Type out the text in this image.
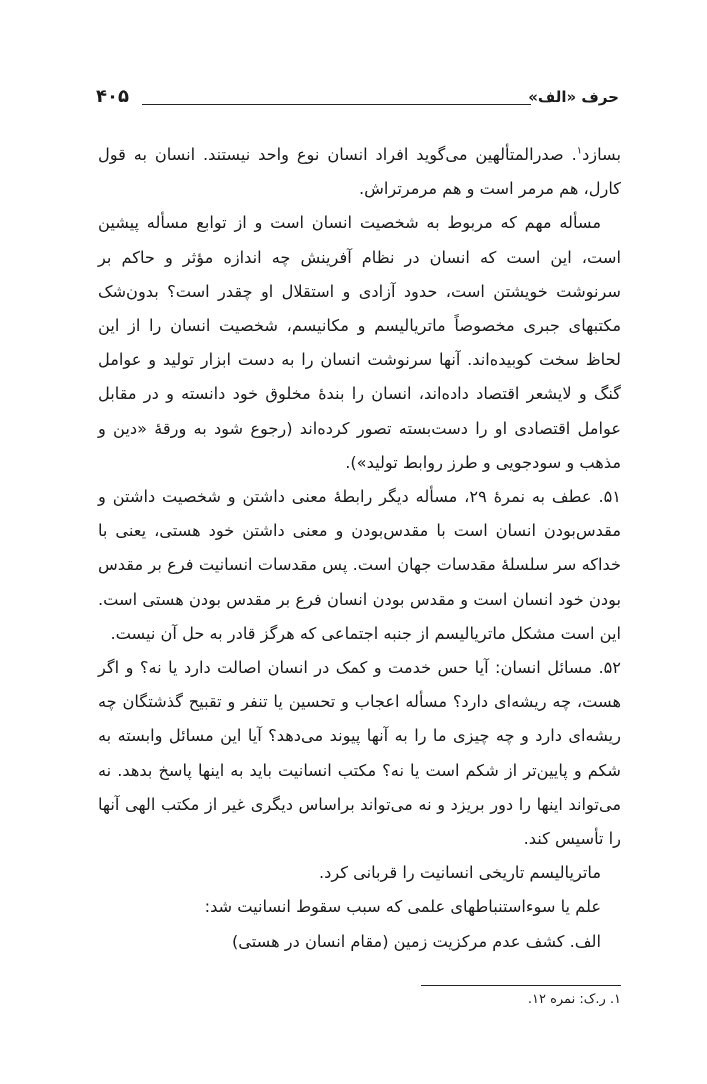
حرف «الف»
۴۰۵

بسازد$^۱$. صدرالمتألهین می‌گوید افراد انسان نوع واحد نیستند. انسان به قول کارل، هم مرمر است و هم مرمرتراش.

مسأله مهم که مربوط به شخصیت انسان است و از توابع مسأله پیشین است، این است که انسان در نظام آفرینش چه اندازه مؤثر و حاکم بر سرنوشت خویشتن است، حدود آزادی و استقلال او چقدر است؟ بدون‌شک مکتبهای جبری مخصوصاً ماتریالیسم و مکانیسم، شخصیت انسان را از این لحاظ سخت کوبیده‌اند. آنها سرنوشت انسان را به دست ابزار تولید و عوامل گنگ و لایشعر اقتصاد داده‌اند، انسان را بندهٔ مخلوق خود دانسته و در مقابل عوامل اقتصادی او را دست‌بسته تصور کرده‌اند (رجوع شود به ورقهٔ «دین و مذهب و سودجویی و طرز روابط تولید»).

۵۱. عطف به نمرهٔ ۲۹، مسأله دیگر رابطهٔ معنی داشتن و شخصیت داشتن و مقدس‌بودن انسان است با مقدس‌بودن و معنی داشتن خود هستی، یعنی با خداکه سر سلسلهٔ مقدسات جهان است. پس مقدسات انسانیت فرع بر مقدس بودن خود انسان است و مقدس بودن انسان فرع بر مقدس بودن هستی است. این است مشکل ماتریالیسم از جنبه اجتماعی که هرگز قادر به حل آن نیست.

۵۲. مسائل انسان: آیا حس خدمت و کمک در انسان اصالت دارد یا نه؟ و اگر هست، چه ریشه‌ای دارد؟ مسأله اعجاب و تحسین یا تنفر و تقبیح گذشتگان چه ریشه‌ای دارد و چه چیزی ما را به آنها پیوند می‌دهد؟ آیا این مسائل وابسته به شکم و پایین‌تر از شکم است یا نه؟ مکتب انسانیت باید به اینها پاسخ بدهد. نه می‌تواند اینها را دور بریزد و نه می‌تواند براساس دیگری غیر از مکتب الهی آنها را تأسیس کند.

ماتریالیسم تاریخی انسانیت را قربانی کرد.

علم یا سوءاستنباطهای علمی که سبب سقوط انسانیت شد:

الف. کشف عدم مرکزیت زمین (مقام انسان در هستی)

۱. ر.ک: نمره ۱۲.
